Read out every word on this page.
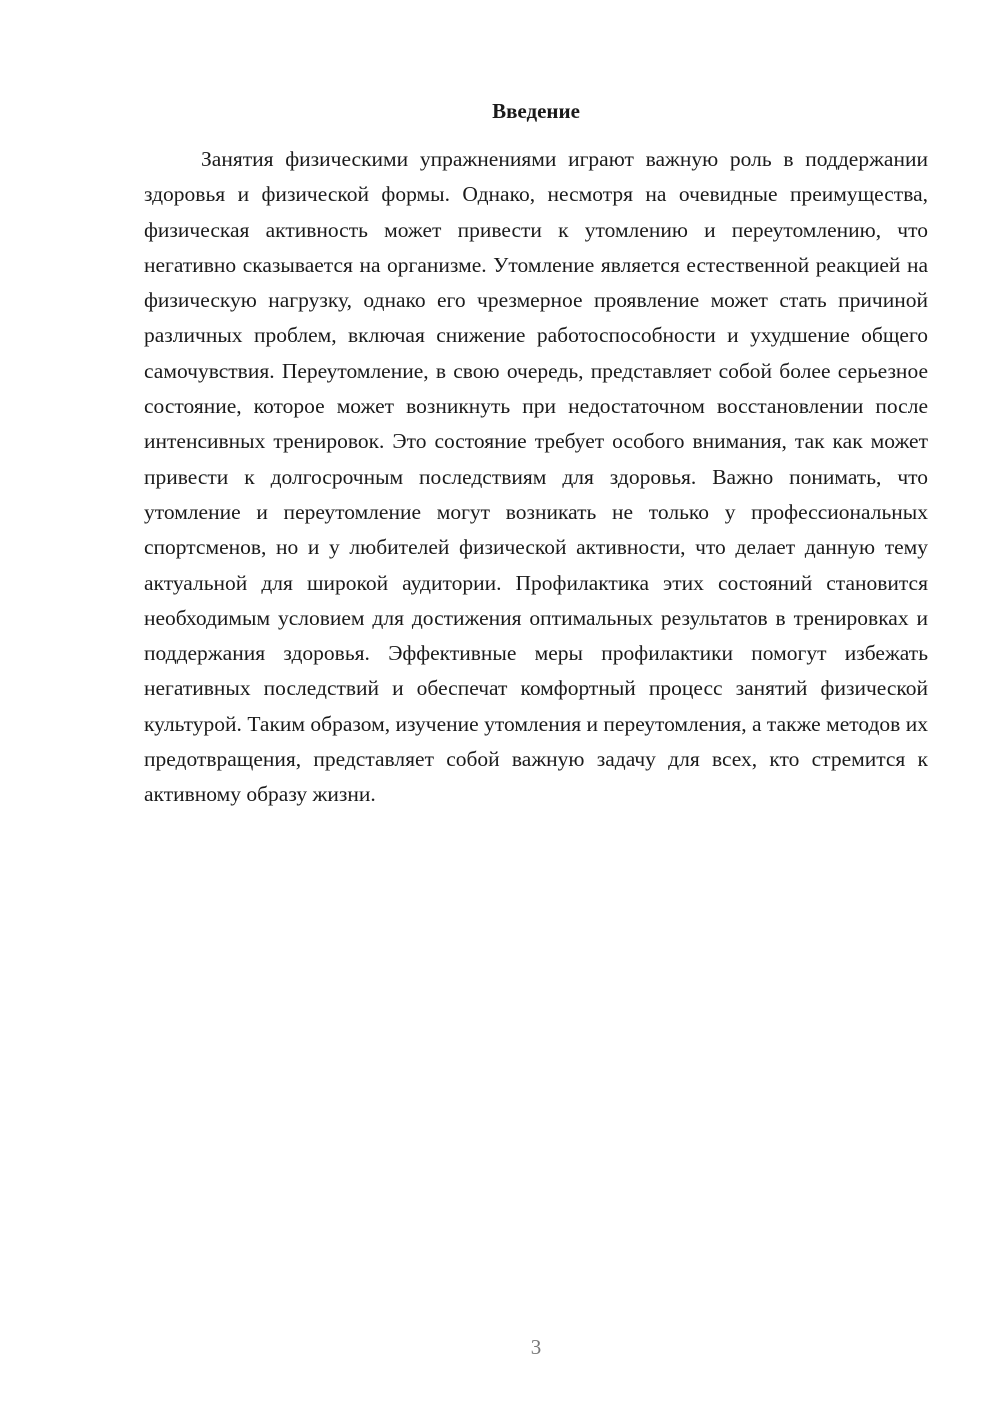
Введение

Занятия физическими упражнениями играют важную роль в поддержании здоровья и физической формы. Однако, несмотря на очевидные преимущества, физическая активность может привести к утомлению и переутомлению, что негативно сказывается на организме. Утомление является естественной реакцией на физическую нагрузку, однако его чрезмерное проявление может стать причиной различных проблем, включая снижение работоспособности и ухудшение общего самочувствия. Переутомление, в свою очередь, представляет собой более серьезное состояние, которое может возникнуть при недостаточном восстановлении после интенсивных тренировок. Это состояние требует особого внимания, так как может привести к долгосрочным последствиям для здоровья. Важно понимать, что утомление и переутомление могут возникать не только у профессиональных спортсменов, но и у любителей физической активности, что делает данную тему актуальной для широкой аудитории. Профилактика этих состояний становится необходимым условием для достижения оптимальных результатов в тренировках и поддержания здоровья. Эффективные меры профилактики помогут избежать негативных последствий и обеспечат комфортный процесс занятий физической культурой. Таким образом, изучение утомления и переутомления, а также методов их предотвращения, представляет собой важную задачу для всех, кто стремится к активному образу жизни.

3
